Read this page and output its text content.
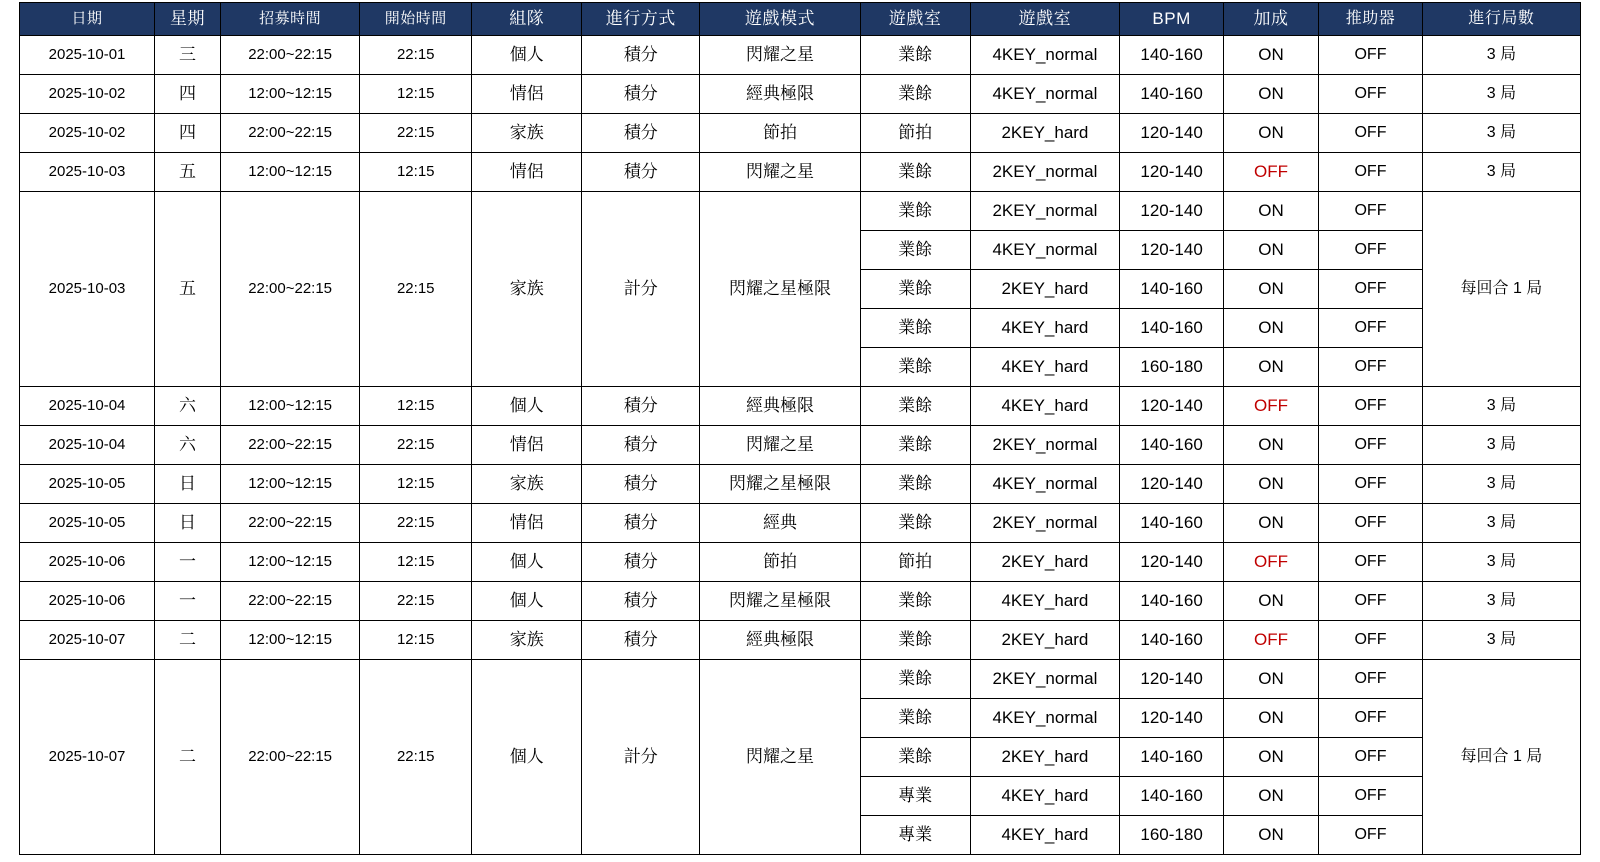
日期	星期	招募時間	開始時間	組隊	進行方式	遊戲模式	遊戲室	遊戲室	BPM	加成	推助器	進行局數
2025-10-01	三	22:00~22:15	22:15	個人	積分	閃耀之星	業餘	4KEY_normal	140-160	ON	OFF	3 局
2025-10-02	四	12:00~12:15	12:15	情侶	積分	經典極限	業餘	4KEY_normal	140-160	ON	OFF	3 局
2025-10-02	四	22:00~22:15	22:15	家族	積分	節拍	節拍	2KEY_hard	120-140	ON	OFF	3 局
2025-10-03	五	12:00~12:15	12:15	情侶	積分	閃耀之星	業餘	2KEY_normal	120-140	OFF	OFF	3 局
2025-10-03	五	22:00~22:15	22:15	家族	計分	閃耀之星極限	業餘	2KEY_normal	120-140	ON	OFF	每回合 1 局
							業餘	4KEY_normal	120-140	ON	OFF	
							業餘	2KEY_hard	140-160	ON	OFF	
							業餘	4KEY_hard	140-160	ON	OFF	
							業餘	4KEY_hard	160-180	ON	OFF	
2025-10-04	六	12:00~12:15	12:15	個人	積分	經典極限	業餘	4KEY_hard	120-140	OFF	OFF	3 局
2025-10-04	六	22:00~22:15	22:15	情侶	積分	閃耀之星	業餘	2KEY_normal	140-160	ON	OFF	3 局
2025-10-05	日	12:00~12:15	12:15	家族	積分	閃耀之星極限	業餘	4KEY_normal	120-140	ON	OFF	3 局
2025-10-05	日	22:00~22:15	22:15	情侶	積分	經典	業餘	2KEY_normal	140-160	ON	OFF	3 局
2025-10-06	一	12:00~12:15	12:15	個人	積分	節拍	節拍	2KEY_hard	120-140	OFF	OFF	3 局
2025-10-06	一	22:00~22:15	22:15	個人	積分	閃耀之星極限	業餘	4KEY_hard	140-160	ON	OFF	3 局
2025-10-07	二	12:00~12:15	12:15	家族	積分	經典極限	業餘	2KEY_hard	140-160	OFF	OFF	3 局
2025-10-07	二	22:00~22:15	22:15	個人	計分	閃耀之星	業餘	2KEY_normal	120-140	ON	OFF	每回合 1 局
							業餘	4KEY_normal	120-140	ON	OFF	
							業餘	2KEY_hard	140-160	ON	OFF	
							專業	4KEY_hard	140-160	ON	OFF	
							專業	4KEY_hard	160-180	ON	OFF	
